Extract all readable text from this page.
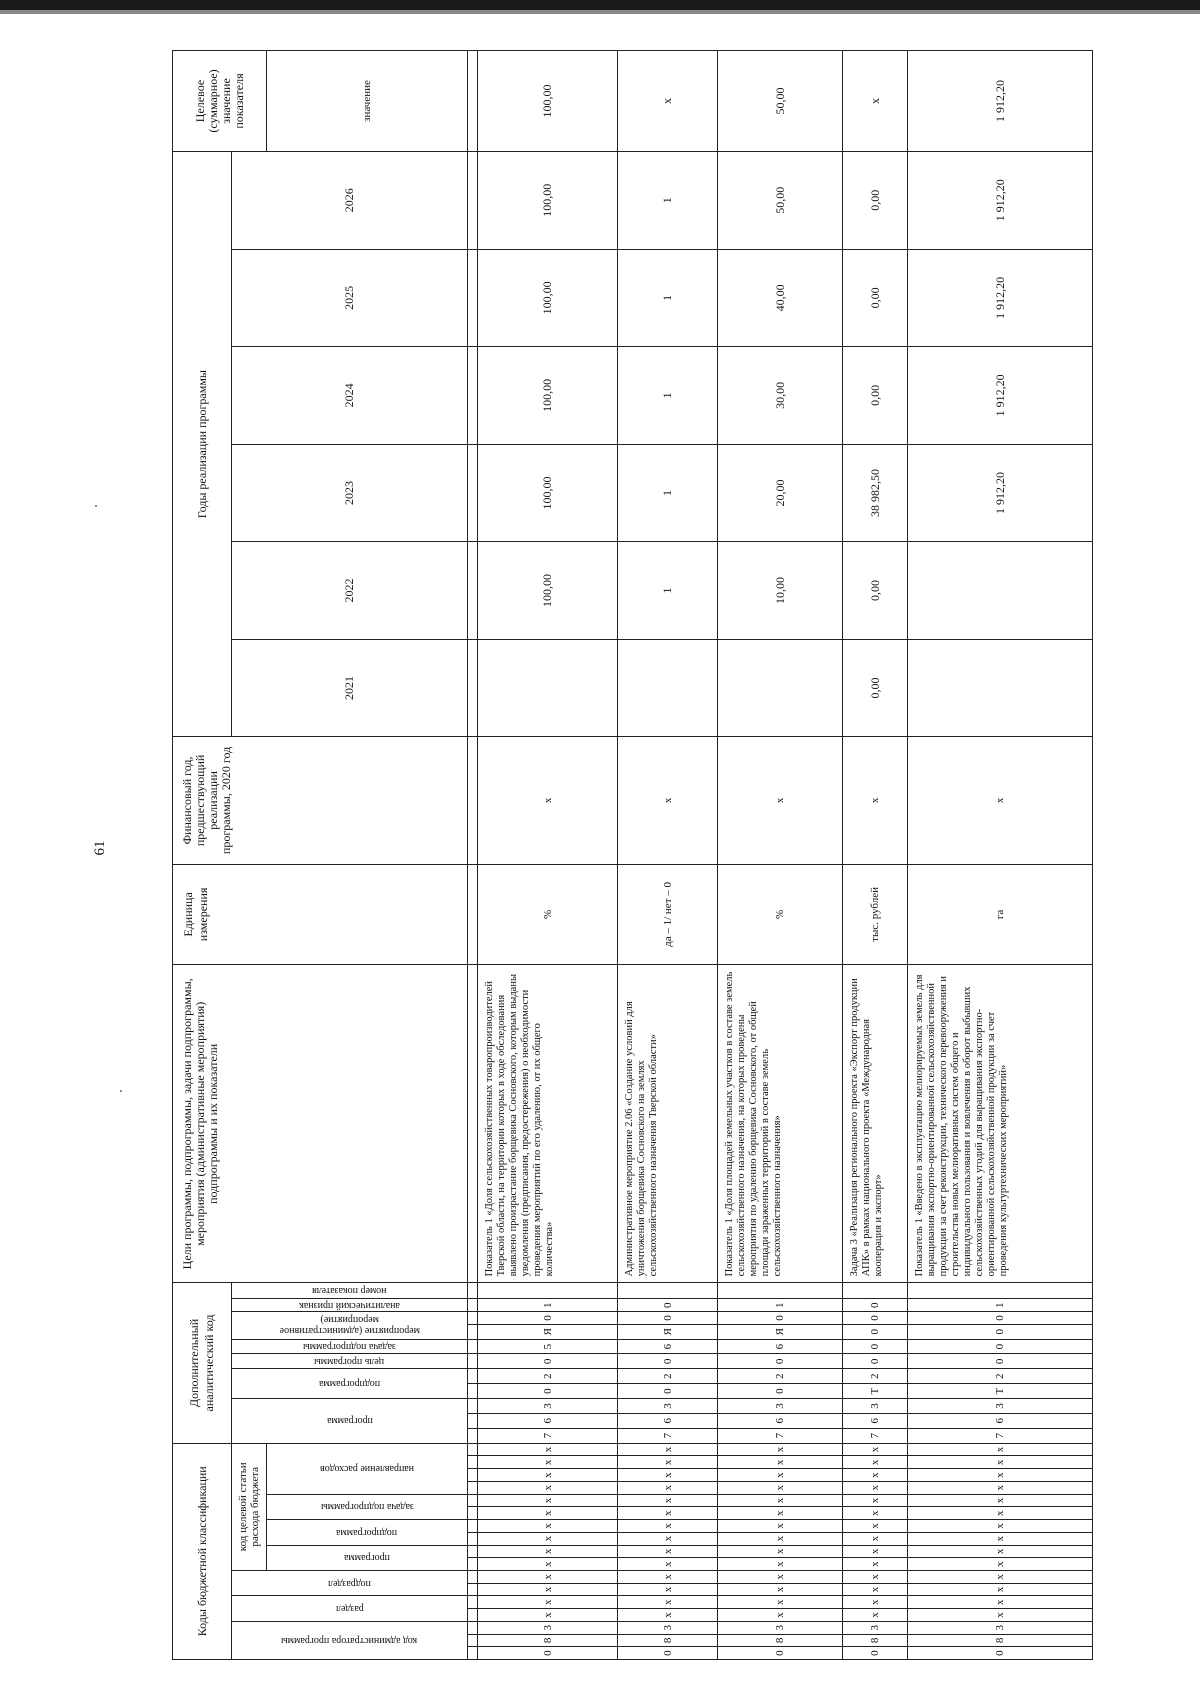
61
Коды бюджетной классификации																	Дополнительный аналитический код											Цели программы, подпрограммы, задачи подпрограммы, мероприятия (административные мероприятия) подпрограммы и их показатели	Единица измерения	Финансовый год, предшествующий реализации программы, 2020 год	Годы реализации программы						Целевое (суммарное) значение показателя

код администратора программы			раздел		подраздел		код целевой статьи расхода бюджета										программа			подпрограмма		цель программы	задача подпрограммы	мероприятие (административное мероприятие)		аналитический признак	номер показателя				2021	2022	2023	2024	2025	2026	

							программа		подпрограмма		задача подпрограммы		направление расходов																								значение

0	8	3	x	x	x	x	x	x	x	x	x	x	x	x	x	x	7	6	3	0	2	0	5	Я	0	1		Показатель 1 «Доля сельскохозяйственных товаропроизводителей Тверской области, на территории которых в ходе обследования выявлено произрастание борщевика Сосновского, которым выданы уведомления (предписания, предостережения) о необходимости проведения мероприятий по его удалению, от их общего количества»	%	x		100,00	100,00	100,00	100,00	100,00	100,00
0	8	3	x	x	x	x	x	x	x	x	x	x	x	x	x	x	7	6	3	0	2	0	6	Я	0	0		Административное мероприятие 2.06 «Создание условий для уничтожения борщевика Сосновского на землях сельскохозяйственного назначения Тверской области»	да – 1/ нет – 0	x		1	1	1	1	1	x
0	8	3	x	x	x	x	x	x	x	x	x	x	x	x	x	x	7	6	3	0	2	0	6	Я	0	1		Показатель 1 «Доля площадей земельных участков в составе земель сельскохозяйственного назначения, на которых проведены мероприятия по удалению борщевика Сосновского, от общей площади зараженных территорий в составе земель сельскохозяйственного назначения»	%	x		10,00	20,00	30,00	40,00	50,00	50,00
0	8	3	x	x	x	x	x	x	x	x	x	x	x	x	x	x	7	6	3	Т	2	0	0	0	0	0		Задача 3 «Реализация регионального проекта «Экспорт продукции АПК» в рамках национального проекта «Международная кооперация и экспорт»	тыс. рублей	x	0,00	0,00	38 982,50	0,00	0,00	0,00	x
0	8	3	x	x	x	x	x	x	x	x	x	x	x	x	x	x	7	6	3	Т	2	0	0	0	0	1		Показатель 1 «Введено в эксплуатацию мелиорируемых земель для выращивания экспортно-ориентированной сельскохозяйственной продукции за счет реконструкции, технического перевооружения и строительства новых мелиоративных систем общего и индивидуального пользования и вовлечения в оборот выбывших сельскохозяйственных угодий для выращивания экспортно-ориентированной сельскохозяйственной продукции за счет проведения культуртехнических мероприятий»	га	x			1 912,20	1 912,20	1 912,20	1 912,20	1 912,20
